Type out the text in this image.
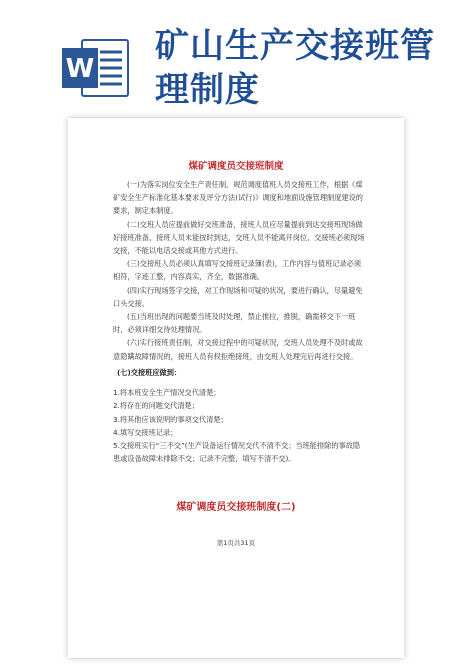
W
矿山生产交接班管理制度
煤矿调度员交接班制度

(一)为落实岗位安全生产责任制，规范调度值班人员交接班工作，根据《煤矿安全生产标准化基本要求及评分方法(试行)》调度和地面设施管理制度建设的要求，制定本制度。

(二)交班人员应提前做好交班准备，接班人员应尽量提前到达交接班现场做好接班准备，接班人员未能按时到达，交班人员不能离开岗位，交接班必须现场交接，不能以电话交接或其他方式进行。

(三)交接班人员必须认真填写交接班记录簿(表)，工作内容与值班记录必须相符，字迹工整，内容真实，齐全，数据准确。

(四)实行现场签字交接，对工作现场和可疑的状况，要进行确认，尽量避免口头交接。

(五)当班出现的问题要当班及时处理，禁止推拉，推脱，确需移交下一班时，必须详细交待处理情况。

(六)实行接班责任制，对交接过程中的可疑状况，交班人员处理不及时或故意隐瞒故障情况的，接班人员有权拒绝接班，由交班人处理完后再进行交接。

(七)交接班应做到：

1.将本班安全生产情况交代清楚；

2.将存在的问题交代清楚；

3.将其他应该说明的事项交代清楚；

4.填写交接班记录；

5.交接班实行“三不交”(生产设备运行情况交代不清不交；当班能排除的事故隐患或设备故障未排除不交；记录不完整，填写不清不交)。

煤矿调度员交接班制度(二)
第1页共31页
